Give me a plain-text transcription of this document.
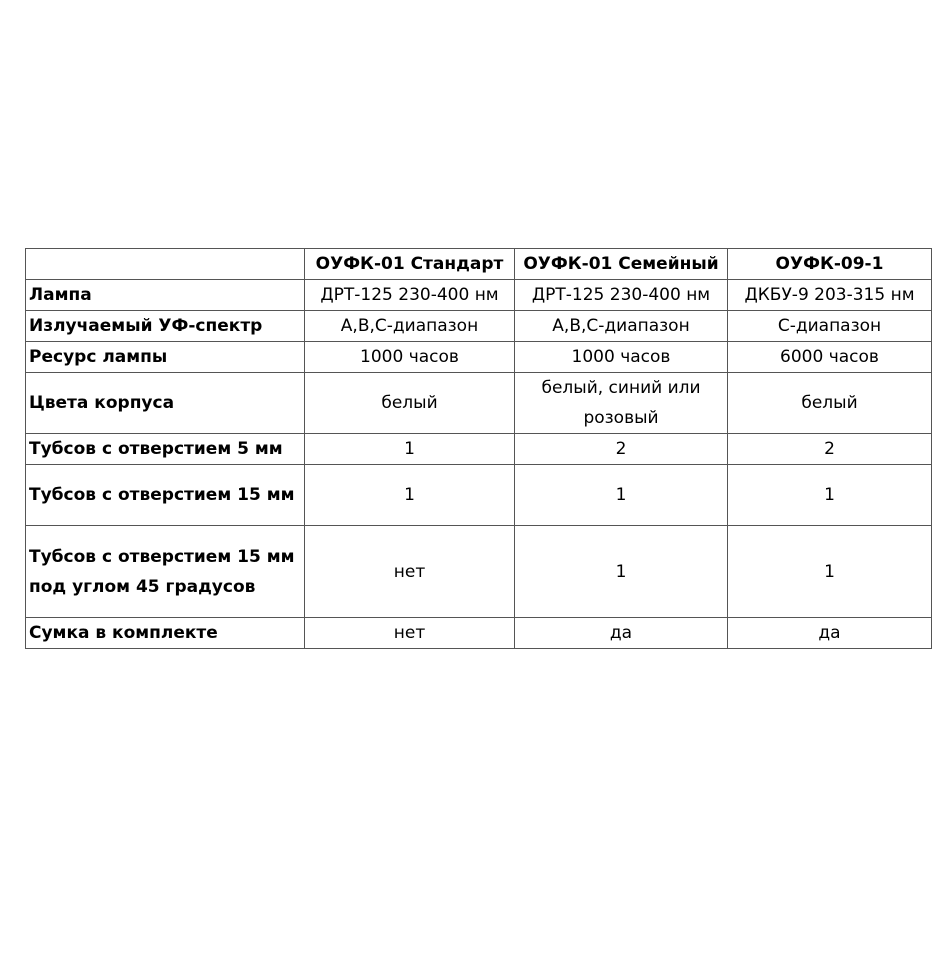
	ОУФК-01 Стандарт	ОУФК-01 Семейный	ОУФК-09-1
Лампа	ДРТ-125 230-400 нм	ДРТ-125 230-400 нм	ДКБУ-9 203-315 нм
Излучаемый УФ-спектр	A,B,C-диапазон	A,B,C-диапазон	C-диапазон
Ресурс лампы	1000 часов	1000 часов	6000 часов
Цвета корпуса	белый	белый, синий или розовый	белый
Тубсов с отверстием 5 мм	1	2	2
Тубсов с отверстием 15 мм	1	1	1
Тубсов с отверстием 15 мм под углом 45 градусов	нет	1	1
Сумка в комплекте	нет	да	да
